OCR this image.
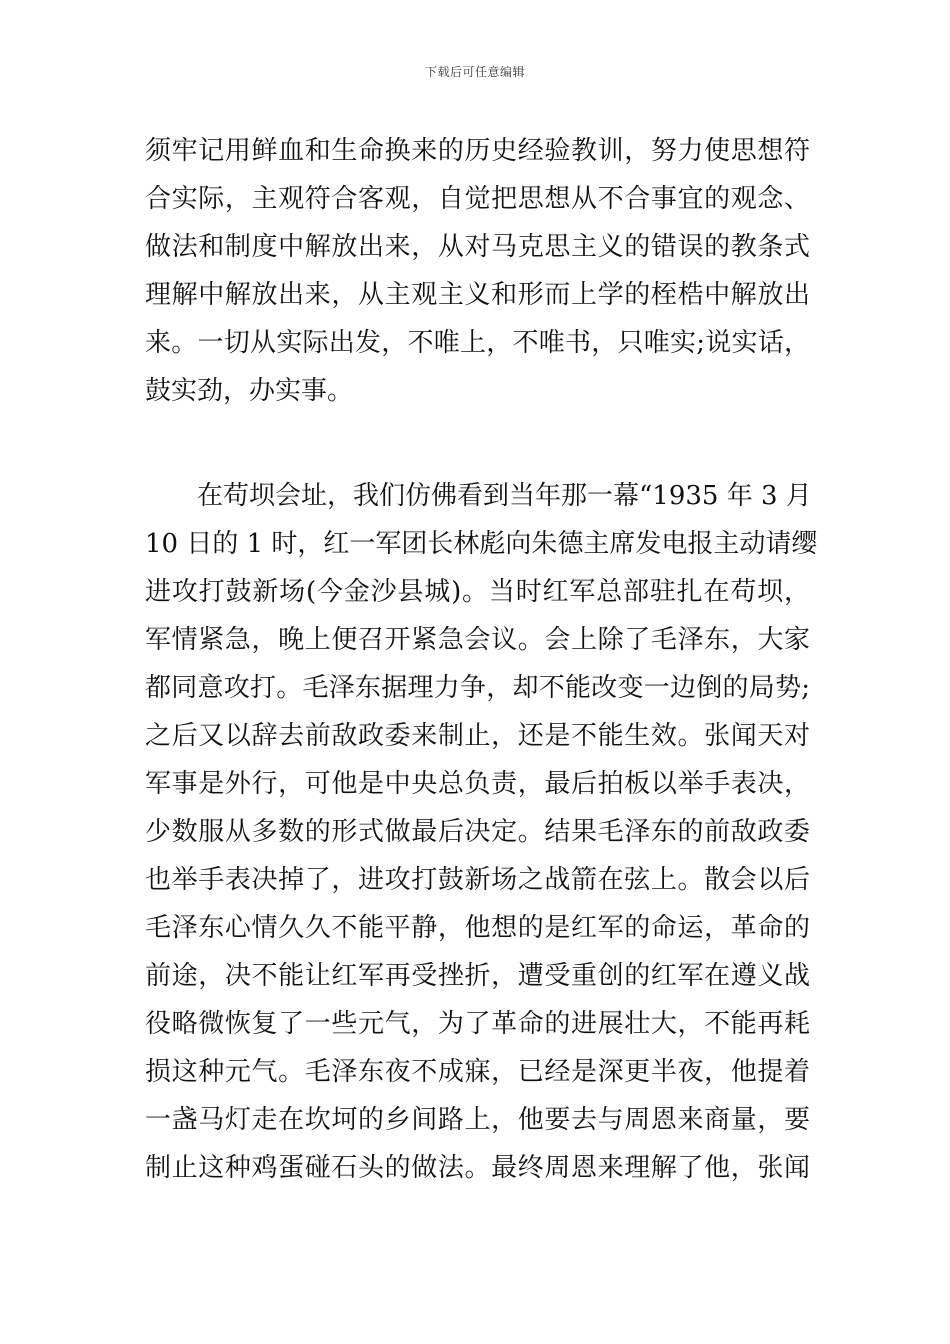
下载后可任意编辑
须牢记用鲜血和生命换来的历史经验教训，努力使思想符
合实际，主观符合客观，自觉把思想从不合事宜的观念、
做法和制度中解放出来，从对马克思主义的错误的教条式
理解中解放出来，从主观主义和形而上学的桎梏中解放出
来。一切从实际出发，不唯上，不唯书，只唯实;说实话，
鼓实劲，办实事。
　　在苟坝会址，我们仿佛看到当年那一幕“1935 年 3 月
10 日的 1 时，红一军团长林彪向朱德主席发电报主动请缨
进攻打鼓新场(今金沙县城)。当时红军总部驻扎在苟坝，
军情紧急，晚上便召开紧急会议。会上除了毛泽东，大家
都同意攻打。毛泽东据理力争，却不能改变一边倒的局势;
之后又以辞去前敌政委来制止，还是不能生效。张闻天对
军事是外行，可他是中央总负责，最后拍板以举手表决，
少数服从多数的形式做最后决定。结果毛泽东的前敌政委
也举手表决掉了，进攻打鼓新场之战箭在弦上。散会以后
毛泽东心情久久不能平静，他想的是红军的命运，革命的
前途，决不能让红军再受挫折，遭受重创的红军在遵义战
役略微恢复了一些元气，为了革命的进展壮大，不能再耗
损这种元气。毛泽东夜不成寐，已经是深更半夜，他提着
一盏马灯走在坎坷的乡间路上，他要去与周恩来商量，要
制止这种鸡蛋碰石头的做法。最终周恩来理解了他，张闻
